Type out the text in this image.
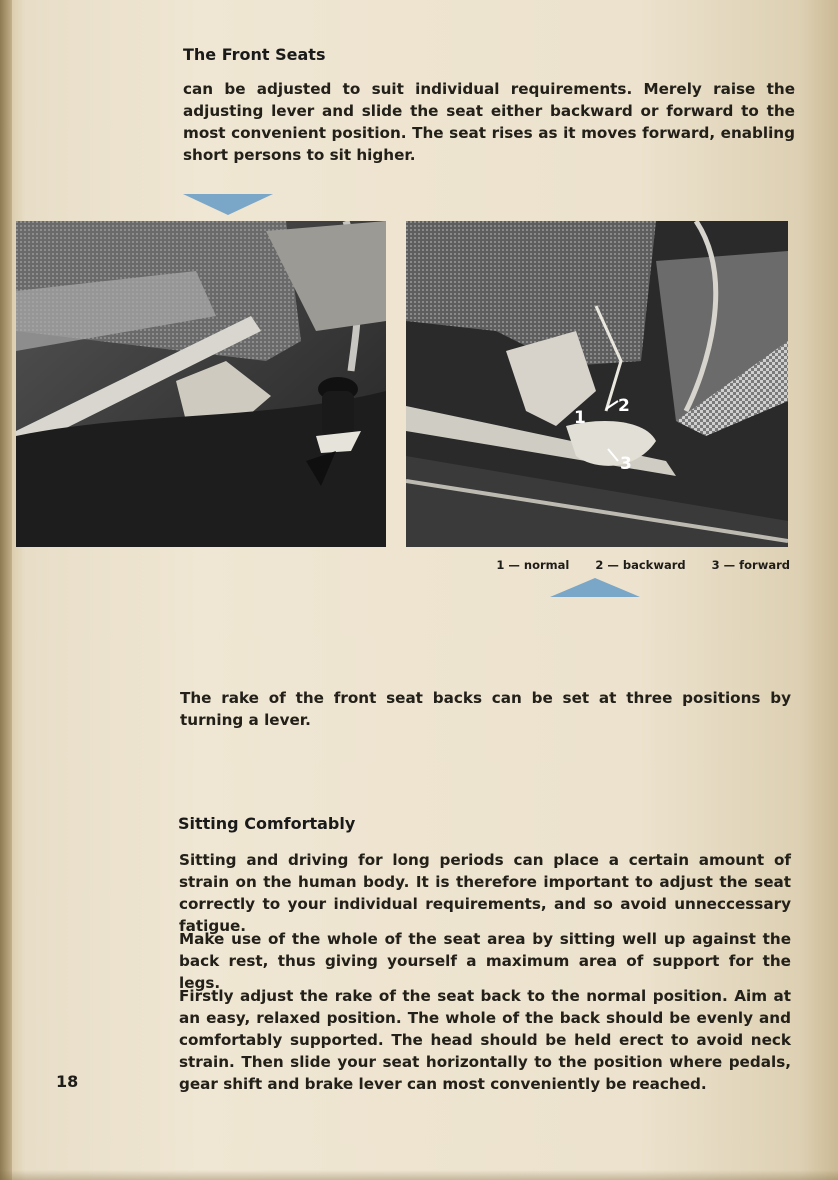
The Front Seats

can be adjusted to suit individual requirements. Merely raise the adjusting lever and slide the seat either backward or forward to the most convenient position. The seat rises as it moves forward, enabling short persons to sit higher.

1
2
3
1 — normal 2 — backward 3 — forward

The rake of the front seat backs can be set at three positions by turning a lever.

Sitting Comfortably

Sitting and driving for long periods can place a certain amount of strain on the human body. It is therefore important to adjust the seat correctly to your individual requirements, and so avoid unneccessary fatigue.

Make use of the whole of the seat area by sitting well up against the back rest, thus giving yourself a maximum area of support for the legs.

Firstly adjust the rake of the seat back to the normal position. Aim at an easy, relaxed position. The whole of the back should be evenly and comfortably supported. The head should be held erect to avoid neck strain. Then slide your seat horizontally to the position where pedals, gear shift and brake lever can most conveniently be reached.

18
